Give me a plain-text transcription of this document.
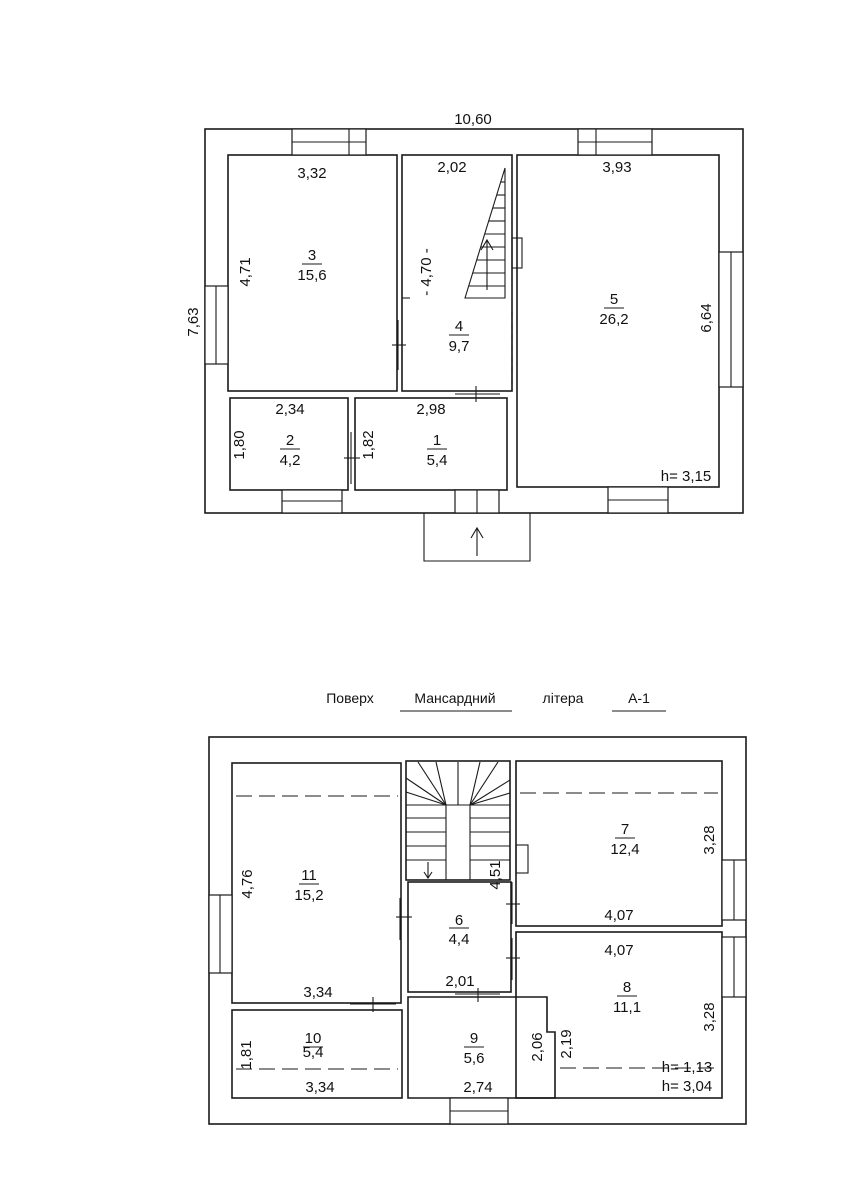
10,60
7,63
3,32
4,71
3
15,6
2,02
- 4,70 -
4
9,7
3,93
6,64
5
26,2
2,34
1,80	2
4,2
2,98
1,82	1
5,4
h= 3,15
Поверх	Мансардний	літера	А-1
4,76	11
15,2
3,34
4,51
6
4,4
2,01
7
12,4	3,28
4,07
4,07
8
11,1	3,28
2,19
h= 1,13
h= 3,04
9
5,6	2,06
2,74
10
5,4
1,81
3,34
